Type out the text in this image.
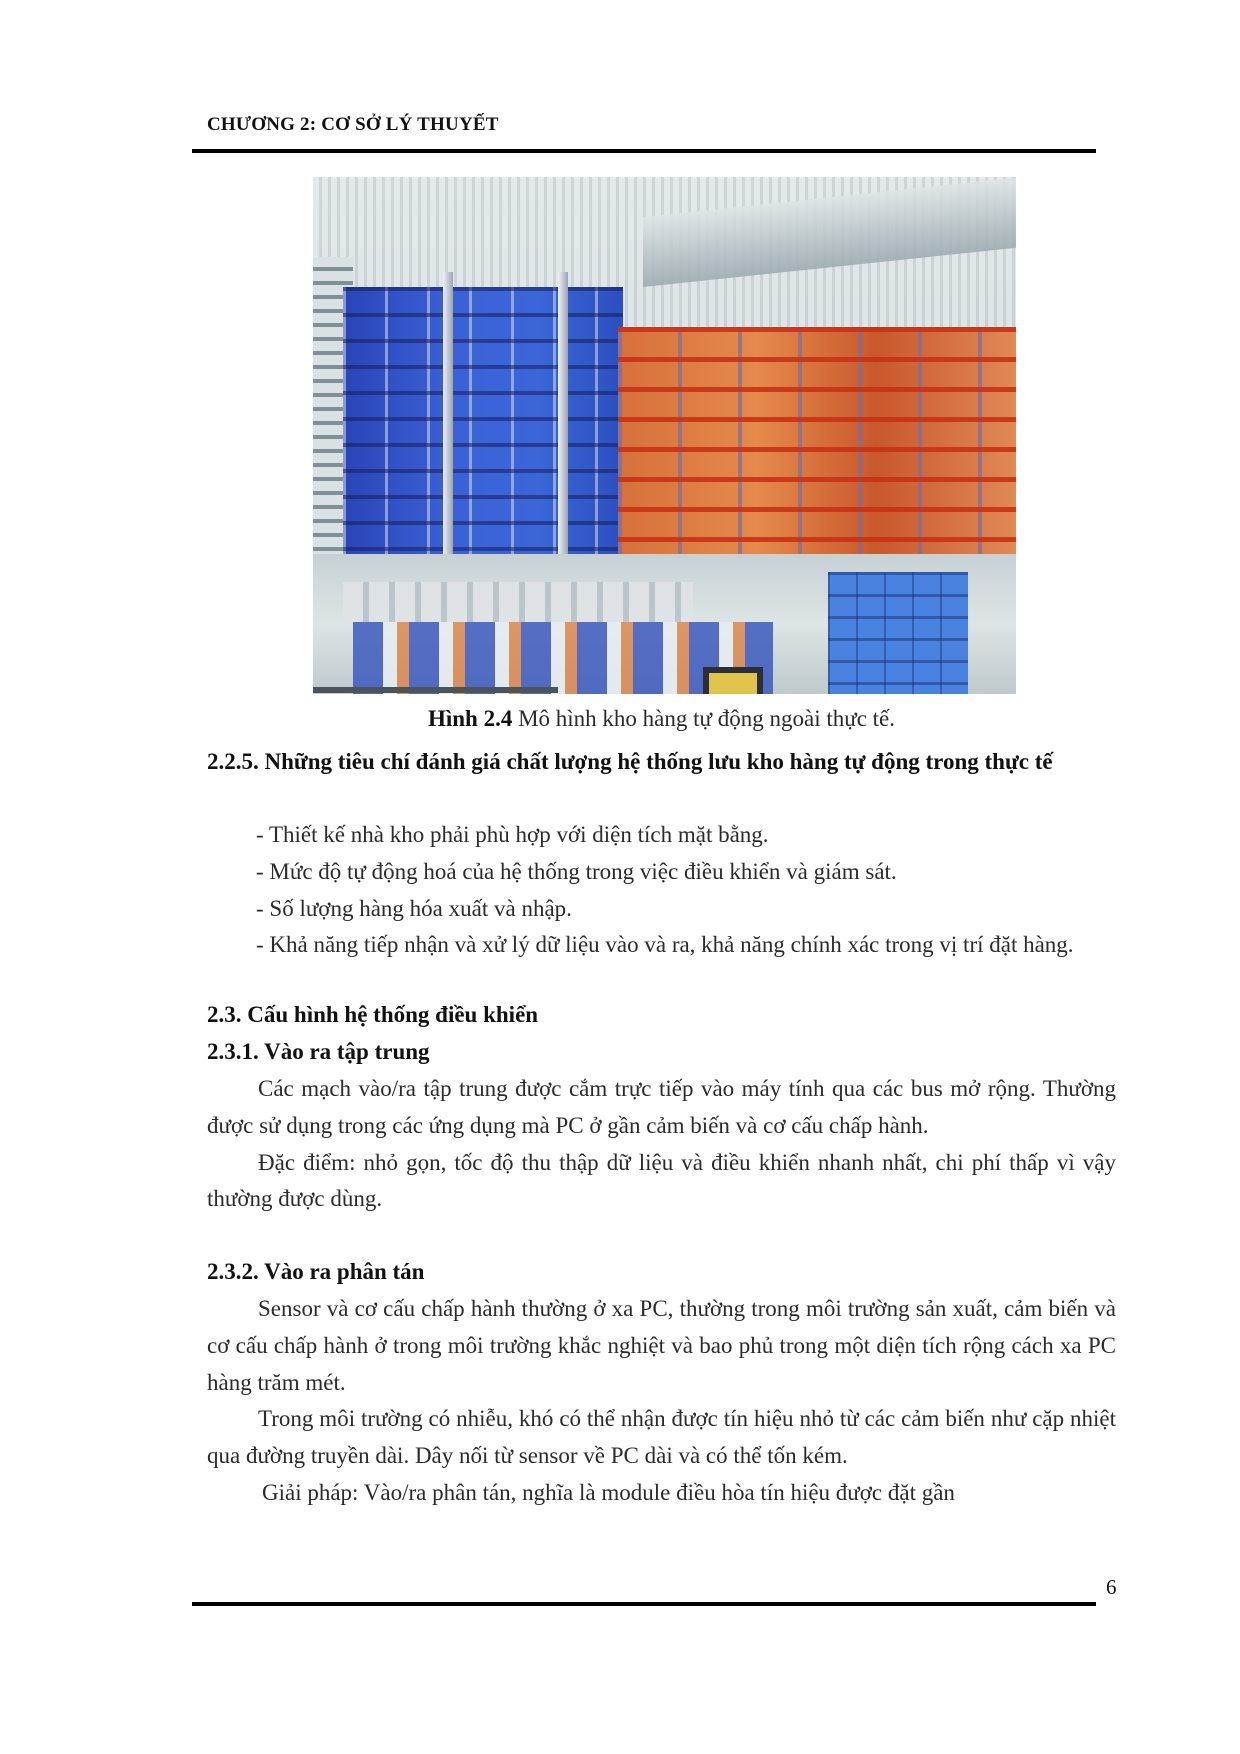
CHƯƠNG 2: CƠ SỞ LÝ THUYẾT
Hình 2.4 Mô hình kho hàng tự động ngoài thực tế.

2.2.5. Những tiêu chí đánh giá chất lượng hệ thống lưu kho hàng tự động trong thực tế

- Thiết kế nhà kho phải phù hợp với diện tích mặt bằng.

- Mức độ tự động hoá của hệ thống trong việc điều khiển và giám sát.

- Số lượng hàng hóa xuất và nhập.

- Khả năng tiếp nhận và xử lý dữ liệu vào và ra, khả năng chính xác trong vị trí đặt hàng.

2.3. Cấu hình hệ thống điều khiển

2.3.1. Vào ra tập trung

Các mạch vào/ra tập trung được cắm trực tiếp vào máy tính qua các bus mở rộng. Thường được sử dụng trong các ứng dụng mà PC ở gần cảm biến và cơ cấu chấp hành.

Đặc điểm: nhỏ gọn, tốc độ thu thập dữ liệu và điều khiển nhanh nhất, chi phí thấp vì vậy thường được dùng.

2.3.2. Vào ra phân tán

Sensor và cơ cấu chấp hành thường ở xa PC, thường trong môi trường sản xuất, cảm biến và cơ cấu chấp hành ở trong môi trường khắc nghiệt và bao phủ trong một diện tích rộng cách xa PC hàng trăm mét.

Trong môi trường có nhiễu, khó có thể nhận được tín hiệu nhỏ từ các cảm biến như cặp nhiệt qua đường truyền dài. Dây nối từ sensor về PC dài và có thể tốn kém.

Giải pháp: Vào/ra phân tán, nghĩa là module điều hòa tín hiệu được đặt gần

6
